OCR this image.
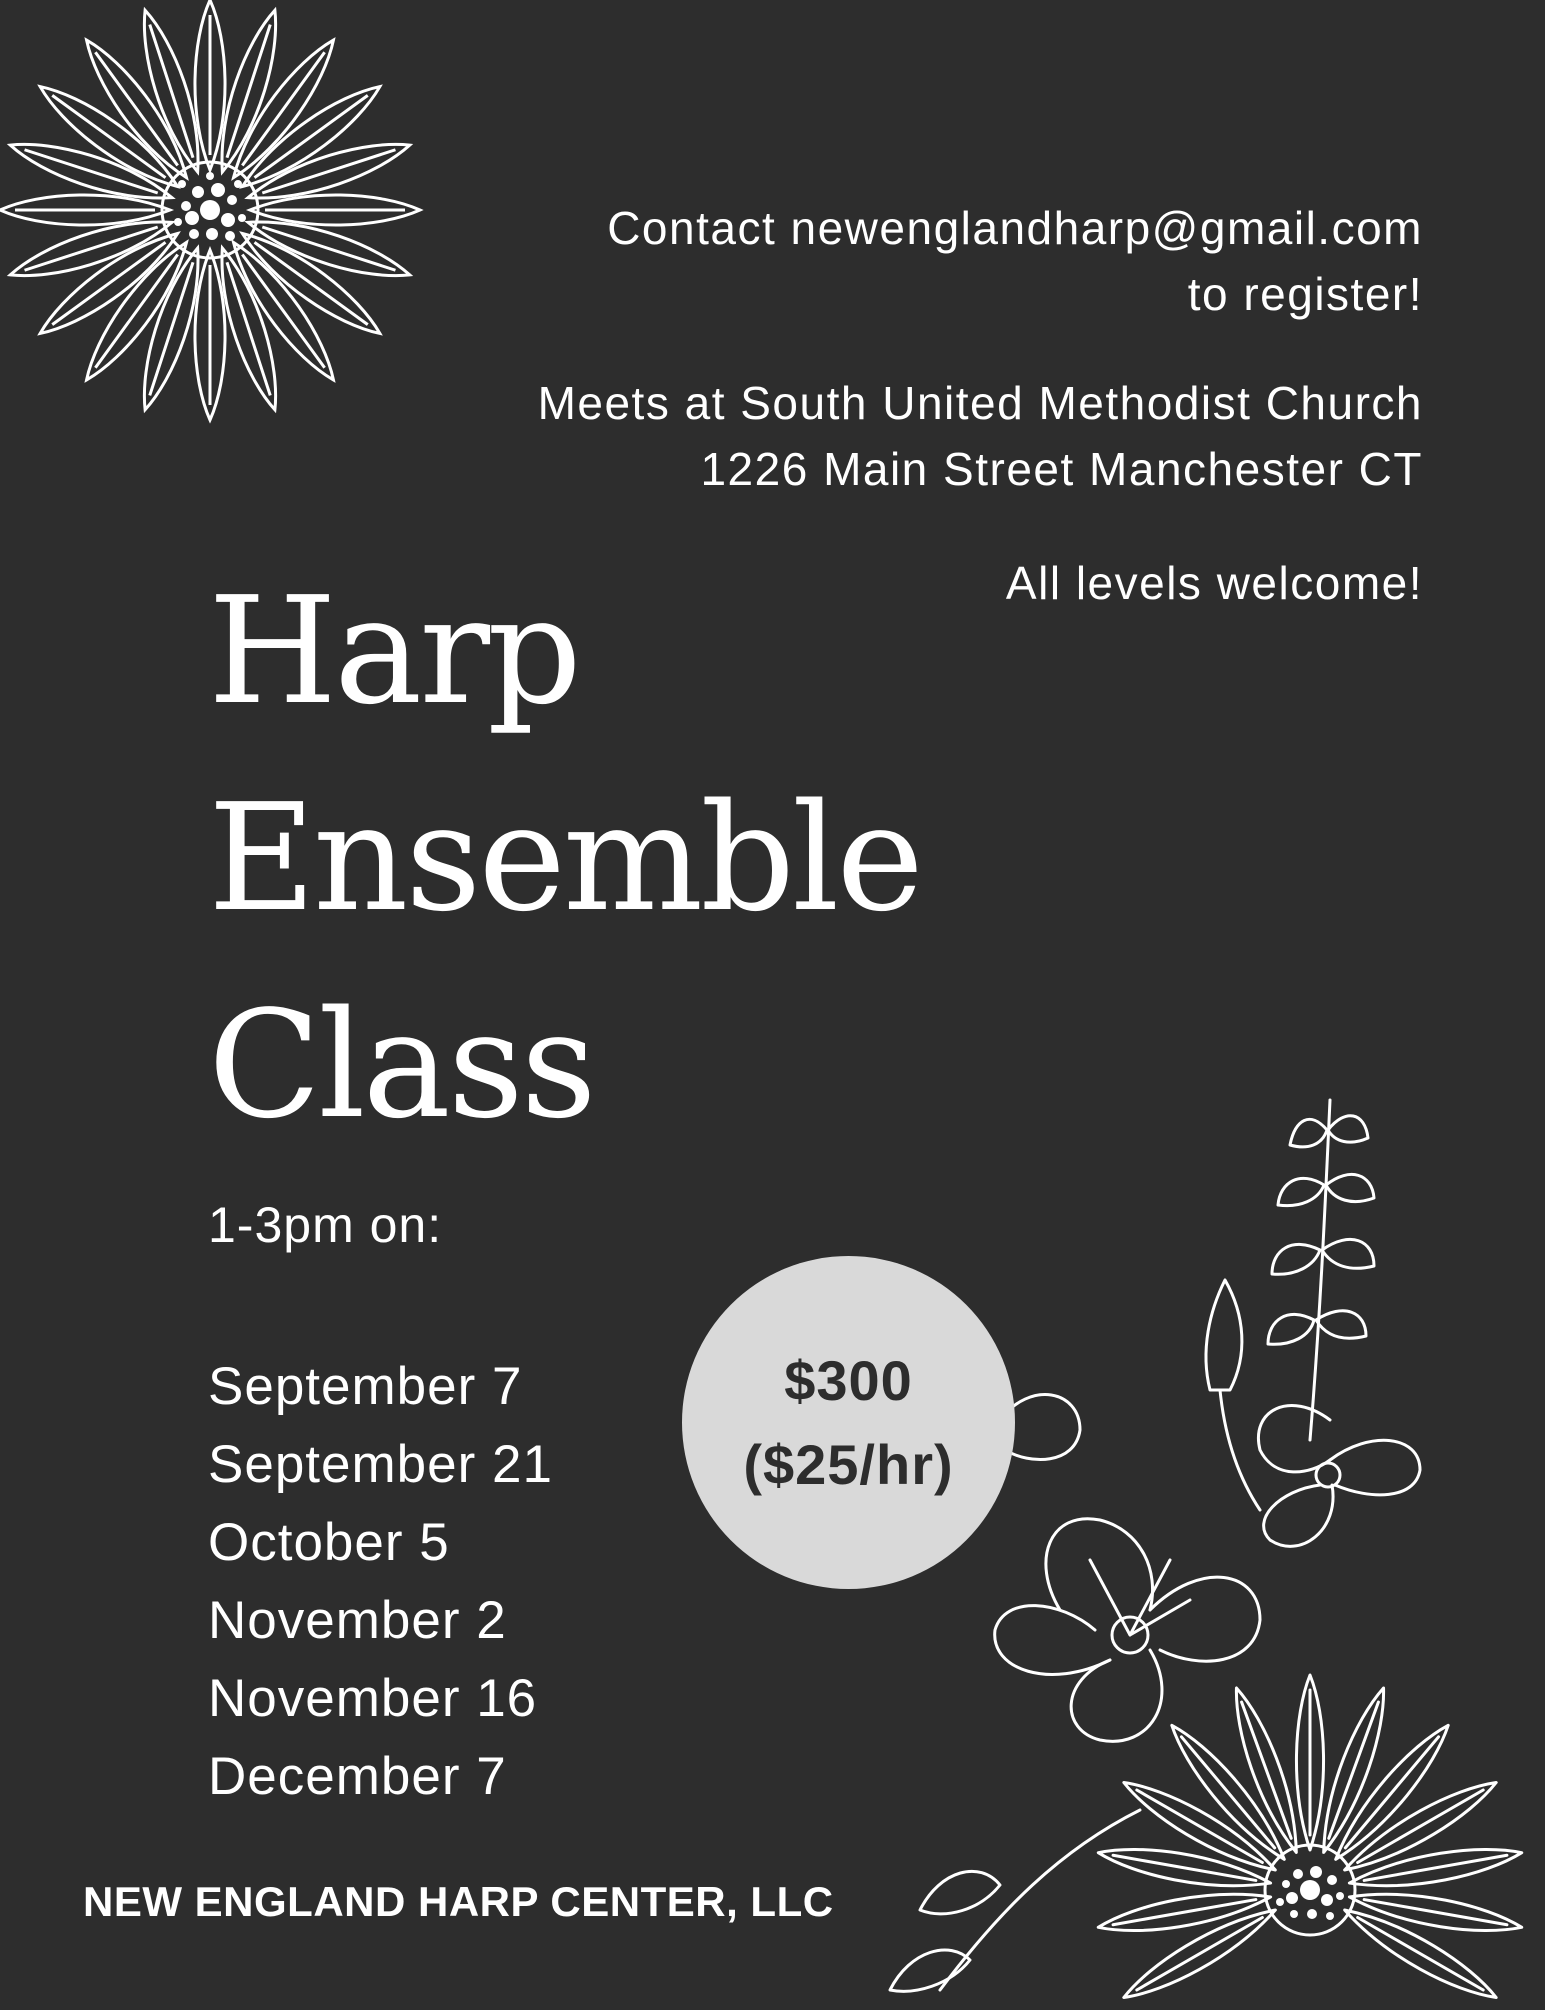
Contact newenglandharp@gmail.com
to register!
Meets at South United Methodist Church
1226 Main Street Manchester CT
All levels welcome!
Harp
Ensemble
Class
1-3pm on:
September 7
September 21
October 5
November 2
November 16
December 7
$300
($25/hr)
NEW ENGLAND HARP CENTER, LLC
